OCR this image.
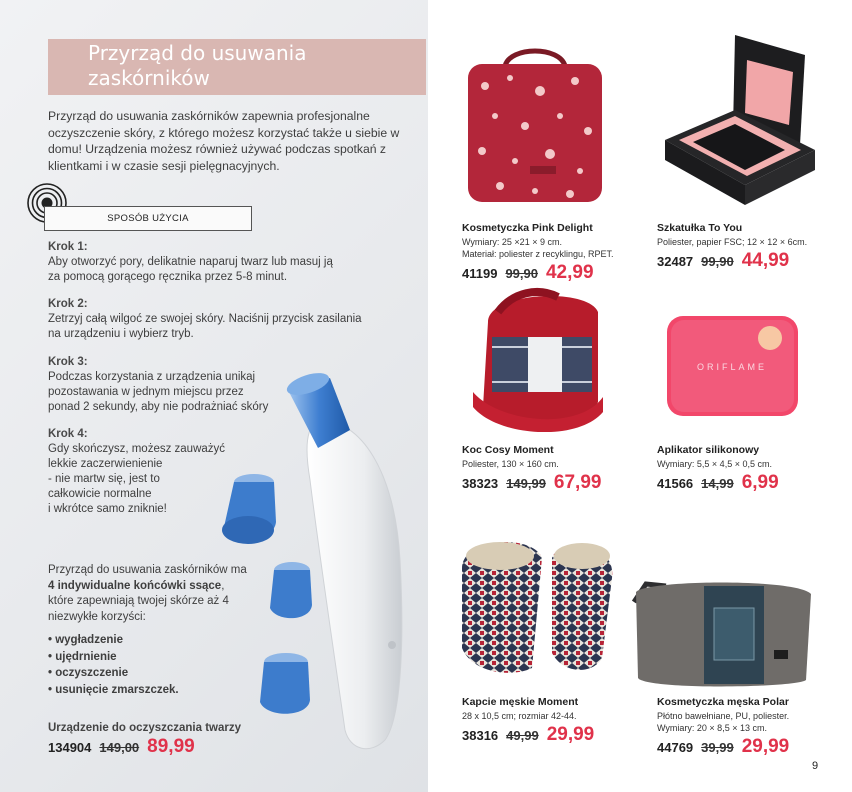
Przyrząd do usuwania zaskórników

Przyrząd do usuwania zaskórników zapewnia profesjonalne oczyszczenie skóry, z którego możesz korzystać także u siebie w domu! Urządzenia możesz również używać podczas spotkań z klientkami i w czasie sesji pielęgnacyjnych.

SPOSÓB UŻYCIA
Krok 1:
Aby otworzyć pory, delikatnie naparuj twarz lub masuj ją
za pomocą gorącego ręcznika przez 5-8 minut.
Krok 2:
Zetrzyj całą wilgoć ze swojej skóry. Naciśnij przycisk zasilania
na urządzeniu i wybierz tryb.
Krok 3:
Podczas korzystania z urządzenia unikaj
pozostawania w jednym miejscu przez
ponad 2 sekundy, aby nie podrażniać skóry
Krok 4:
Gdy skończysz, możesz zauważyć
lekkie zaczerwienienie
- nie martw się, jest to
całkowicie normalne
i wkrótce samo zniknie!
Przyrząd do usuwania zaskórników ma 4 indywidualne końcówki ssące, które zapewniają twojej skórze aż 4 niezwykłe korzyści:
• wygładzenie
• ujędrnienie
• oczyszczenie
• usunięcie zmarszczek.
Urządzenie do oczyszczania twarzy
134904 149,00 89,99
Kosmetyczka Pink Delight
Wymiary: 25 ×21 × 9 cm.
Materiał: poliester z recyklingu, RPET.
41199 99,90 42,99
Szkatułka To You
Poliester, papier FSC; 12 × 12 × 6cm.
32487 99,90 44,99
Koc Cosy Moment
Poliester, 130 × 160 cm.
38323 149,99 67,99
ORIFLAME
Aplikator silikonowy
Wymiary: 5,5 × 4,5 × 0,5 cm.
41566 14,99 6,99
Kapcie męskie Moment
28 x 10,5 cm; rozmiar 42-44.
38316 49,99 29,99
Kosmetyczka męska Polar
Płótno bawełniane, PU, poliester.
Wymiary: 20 × 8,5 × 13 cm.
44769 39,99 29,99
9
